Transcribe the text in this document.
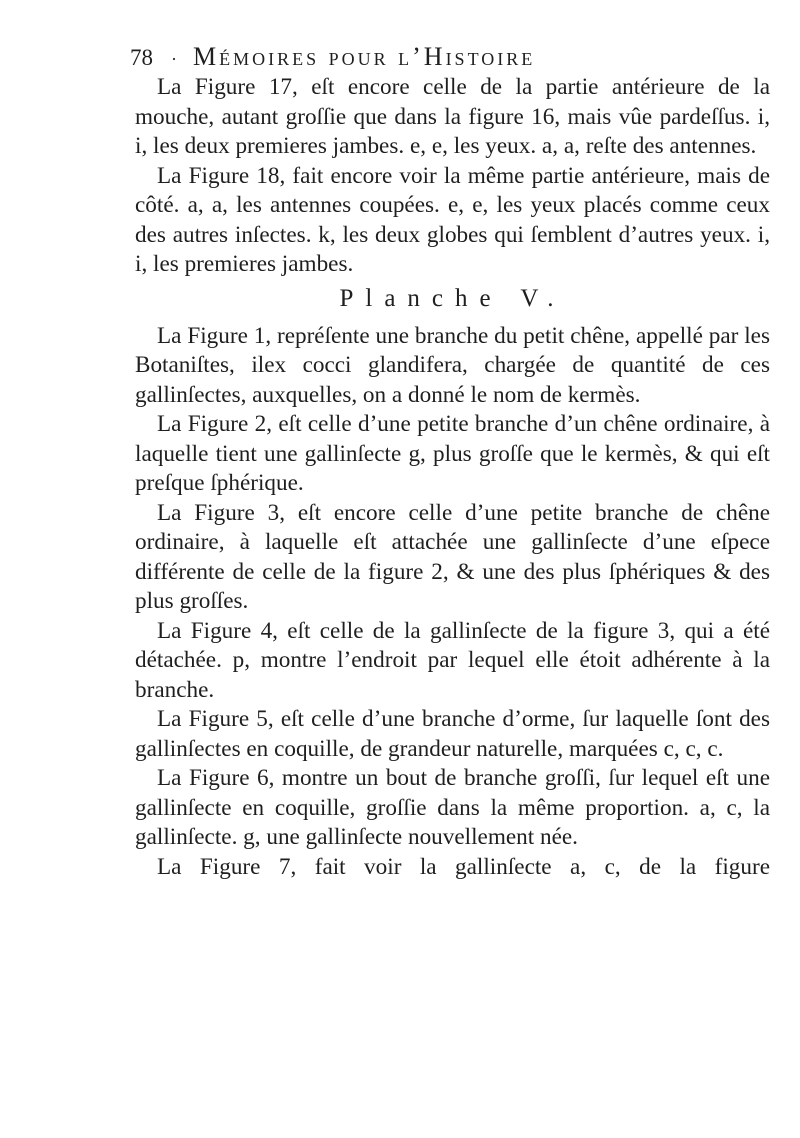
78 · Mémoires pour l’Histoire

La Figure 17, eſt encore celle de la partie antérieure de la mouche, autant groſſie que dans la figure 16, mais vûe pardeſſus. i, i, les deux premieres jambes. e, e, les yeux. a, a, reſte des antennes.

La Figure 18, fait encore voir la même partie antérieure, mais de côté. a, a, les antennes coupées. e, e, les yeux placés comme ceux des autres inſectes. k, les deux globes qui ſemblent d’autres yeux. i, i, les premieres jambes.

Planche V.

La Figure 1, repréſente une branche du petit chêne, appellé par les Botaniſtes, ilex cocci glandifera, chargée de quantité de ces gallinſectes, auxquelles, on a donné le nom de kermès.

La Figure 2, eſt celle d’une petite branche d’un chêne ordinaire, à laquelle tient une gallinſecte g, plus groſſe que le kermès, & qui eſt preſque ſphérique.

La Figure 3, eſt encore celle d’une petite branche de chêne ordinaire, à laquelle eſt attachée une gallinſecte d’une eſpece différente de celle de la figure 2, & une des plus ſphériques & des plus groſſes.

La Figure 4, eſt celle de la gallinſecte de la figure 3, qui a été détachée. p, montre l’endroit par lequel elle étoit adhérente à la branche.

La Figure 5, eſt celle d’une branche d’orme, ſur laquelle ſont des gallinſectes en coquille, de grandeur naturelle, marquées c, c, c.

La Figure 6, montre un bout de branche groſſi, ſur lequel eſt une gallinſecte en coquille, groſſie dans la même proportion. a, c, la gallinſecte. g, une gallinſecte nouvellement née.

La Figure 7, fait voir la gallinſecte a, c, de la figure
